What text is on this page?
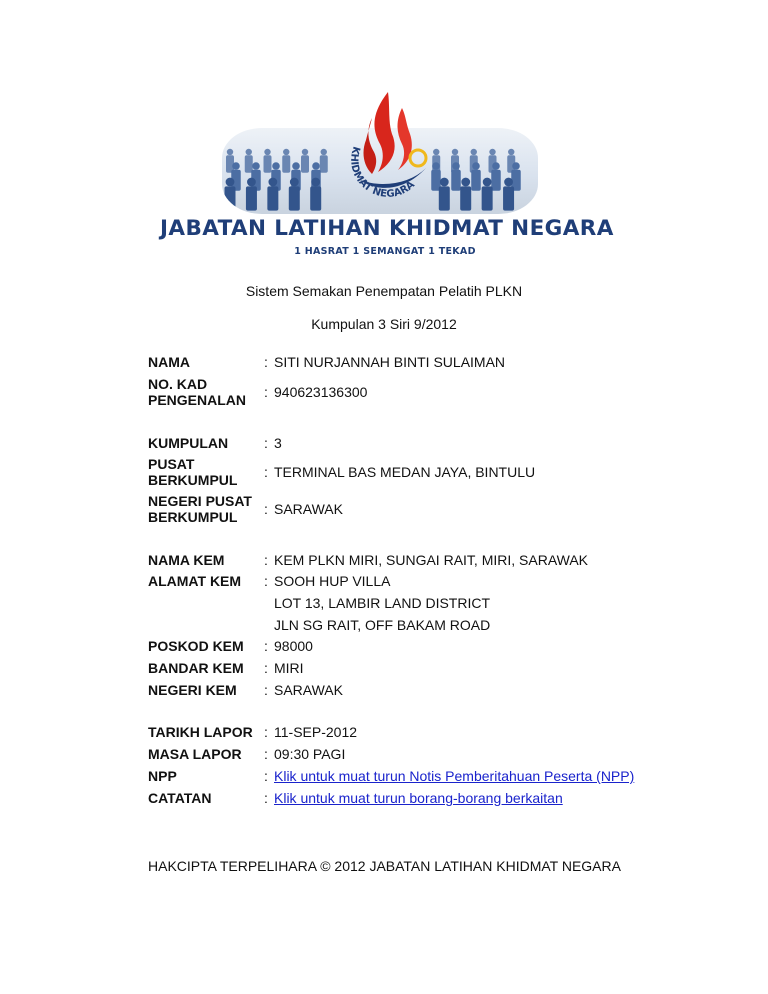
KHIDMAT NEGARA
JABATAN LATIHAN KHIDMAT NEGARA
1 HASRAT 1 SEMANGAT 1 TEKAD
Sistem Semakan Penempatan Pelatih PLKN
Kumpulan 3 Siri 9/2012
NAMA	: SITI NURJANNAH BINTI SULAIMAN
NO. KAD
PENGENALAN	: 940623136300
KUMPULAN	: 3
PUSAT
BERKUMPUL	: TERMINAL BAS MEDAN JAYA, BINTULU
NEGERI PUSAT
BERKUMPUL	: SARAWAK
NAMA KEM	: KEM PLKN MIRI, SUNGAI RAIT, MIRI, SARAWAK
ALAMAT KEM	: SOOH HUP VILLA
LOT 13, LAMBIR LAND DISTRICT
JLN SG RAIT, OFF BAKAM ROAD
POSKOD KEM	: 98000
BANDAR KEM	: MIRI
NEGERI KEM	: SARAWAK
TARIKH LAPOR : 11-SEP-2012
MASA LAPOR	: 09:30 PAGI
NPP	: Klik untuk muat turun Notis Pemberitahuan Peserta (NPP)
CATATAN	: Klik untuk muat turun borang-borang berkaitan
HAKCIPTA TERPELIHARA © 2012 JABATAN LATIHAN KHIDMAT NEGARA
